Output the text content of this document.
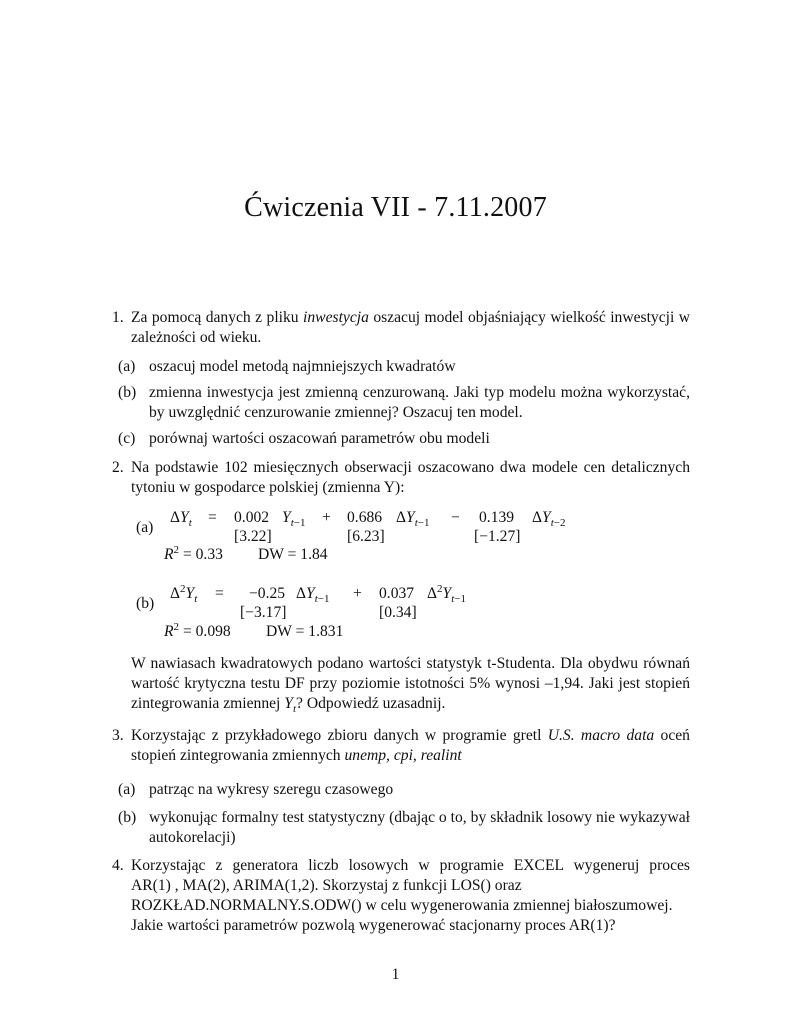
Ćwiczenia VII - 7.11.2007
1. Za pomocą danych z pliku inwestycja oszacuj model objaśniający wielkość inwestycji w zależności od wieku.
(a) oszacuj model metodą najmniejszych kwadratów
(b) zmienna inwestycja jest zmienną cenzurowaną. Jaki typ modelu można wykorzystać, by uwzględnić cenzurowanie zmiennej? Oszacuj ten model.
(c) porównaj wartości oszacowań parametrów obu modeli
2. Na podstawie 102 miesięcznych obserwacji oszacowano dwa modele cen detalicznych tytoniu w gospodarce polskiej (zmienna Y):
(a)
$\Delta Y_t = 0.002$ $Y_{t-1} + 0.686$ $\Delta Y_{t-1} - 0.139$ $\Delta Y_{t-2}$
[3.22]	[6.23]	[−1.27]
$R^2 = 0.33$ DW = 1.84
(b)
$\Delta^2Y_t = -0.25$ $\Delta Y_{t-1} + 0.037$ $\Delta^2Y_{t-1}$
[−3.17]	[0.34]
$R^2 = 0.098$ DW = 1.831
W nawiasach kwadratowych podano wartości statystyk t-Studenta. Dla obydwu równań wartość krytyczna testu DF przy poziomie istotności 5% wynosi –1,94. Jaki jest stopień zintegrowania zmiennej $Y_t$? Odpowiedź uzasadnij.
3. Korzystając z przykładowego zbioru danych w programie gretl U.S. macro data oceń stopień zintegrowania zmiennych unemp, cpi, realint
(a) patrząc na wykresy szeregu czasowego
(b) wykonując formalny test statystyczny (dbając o to, by składnik losowy nie wykazywał autokorelacji)
4. Korzystając z generatora liczb losowych w programie EXCEL wygeneruj proces
AR(1) , MA(2), ARIMA(1,2). Skorzystaj z funkcji LOS() oraz
ROZKŁAD.NORMALNY.S.ODW() w celu wygenerowania zmiennej białoszumowej.
Jakie wartości parametrów pozwolą wygenerować stacjonarny proces AR(1)?
1
